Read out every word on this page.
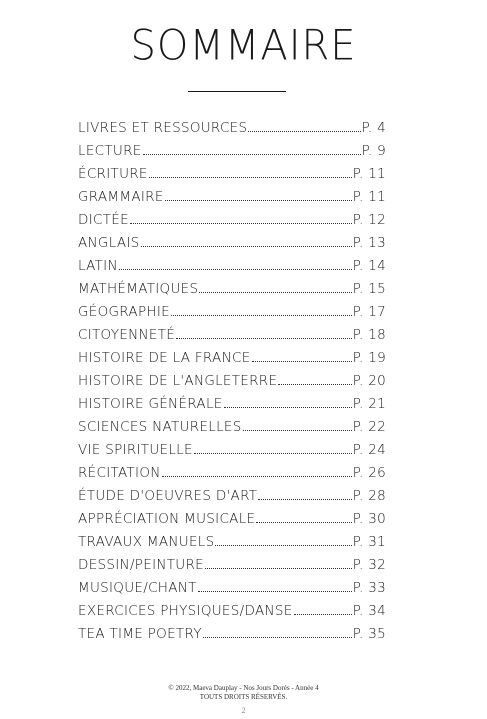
SOMMAIRE
LIVRES ET RESSOURCES	P. 4
LECTURE	P. 9
ÉCRITURE	P. 11
GRAMMAIRE	P. 11
DICTÉE	P. 12
ANGLAIS	P. 13
LATIN	P. 14
MATHÉMATIQUES	P. 15
GÉOGRAPHIE	P. 17
CITOYENNETÉ	P. 18
HISTOIRE DE LA FRANCE	P. 19
HISTOIRE DE L'ANGLETERRE	P. 20
HISTOIRE GÉNÉRALE	P. 21
SCIENCES NATURELLES	P. 22
VIE SPIRITUELLE	P. 24
RÉCITATION	P. 26
ÉTUDE D'OEUVRES D'ART	P. 28
APPRÉCIATION MUSICALE	P. 30
TRAVAUX MANUELS	P. 31
DESSIN/PEINTURE	P. 32
MUSIQUE/CHANT	P. 33
EXERCICES PHYSIQUES/DANSE	P. 34
TEA TIME POETRY	P. 35
© 2022, Maeva Dauplay - Nos Jours Dorés - Année 4
TOUTS DROITS RÉSERVÉS.
2
